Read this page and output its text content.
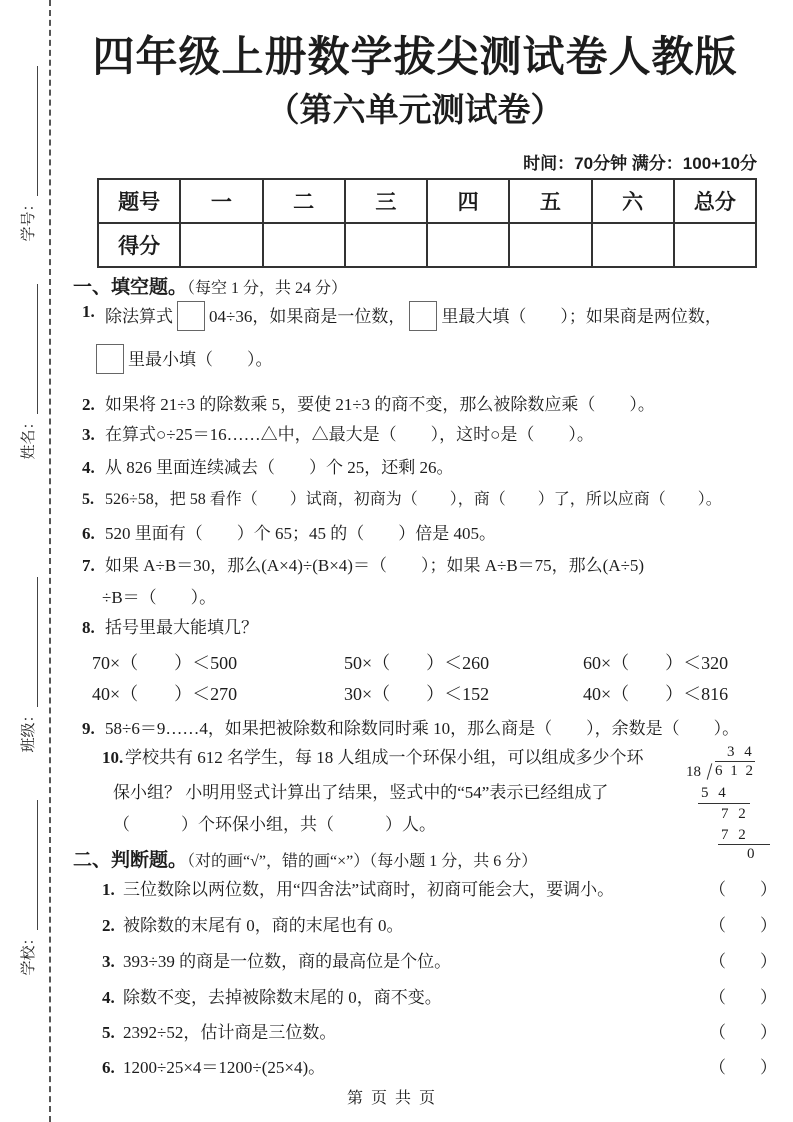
学号：
姓名：
班级：
学校：
四年级上册数学拔尖测试卷人教版
（第六单元测试卷）
时间：70分钟 满分：100+10分
题号	一	二	三	四	五	六	总分
得分							
一、填空题。（每空 1 分，共 24 分）
1. 除法算式 04÷36，如果商是一位数， 里最大填（　　）；如果商是两位数，
里最小填（　　）。
2. 如果将 21÷3 的除数乘 5，要使 21÷3 的商不变，那么被除数应乘（　　）。
3. 在算式○÷25＝16……△中，△最大是（　　），这时○是（　　）。
4. 从 826 里面连续减去（　　）个 25，还剩 26。
5. 526÷58，把 58 看作（　　）试商，初商为（　　），商（　　）了，所以应商（　　）。
6. 520 里面有（　　）个 65；45 的（　　）倍是 405。
7. 如果 A÷B＝30，那么(A×4)÷(B×4)＝（　　）；如果 A÷B＝75，那么(A÷5)
÷B＝（　　）。
8. 括号里最大能填几？
70×（　　）＜500	50×（　　）＜260	60×（　　）＜320
40×（　　）＜270	30×（　　）＜152	40×（　　）＜816
9. 58÷6＝9……4，如果把被除数和除数同时乘 10，那么商是（　　），余数是（　　）。
10. 学校共有 612 名学生，每 18 人组成一个环保小组，可以组成多少个环
保小组？ 小明用竖式计算出了结果，竖式中的“54”表示已经组成了
（　　　）个环保小组，共（　　　）人。
3 4
18 6 1 2
5 4
7 2
7 2
0
二、判断题。（对的画“√”，错的画“×”）（每小题 1 分，共 6 分）
1. 三位数除以两位数，用“四舍法”试商时，初商可能会大，要调小。	（　　）
2. 被除数的末尾有 0，商的末尾也有 0。	（　　）
3. 393÷39 的商是一位数，商的最高位是个位。	（　　）
4. 除数不变，去掉被除数末尾的 0，商不变。	（　　）
5. 2392÷52，估计商是三位数。	（　　）
6. 1200÷25×4＝1200÷(25×4)。	（　　）
第 页 共 页
